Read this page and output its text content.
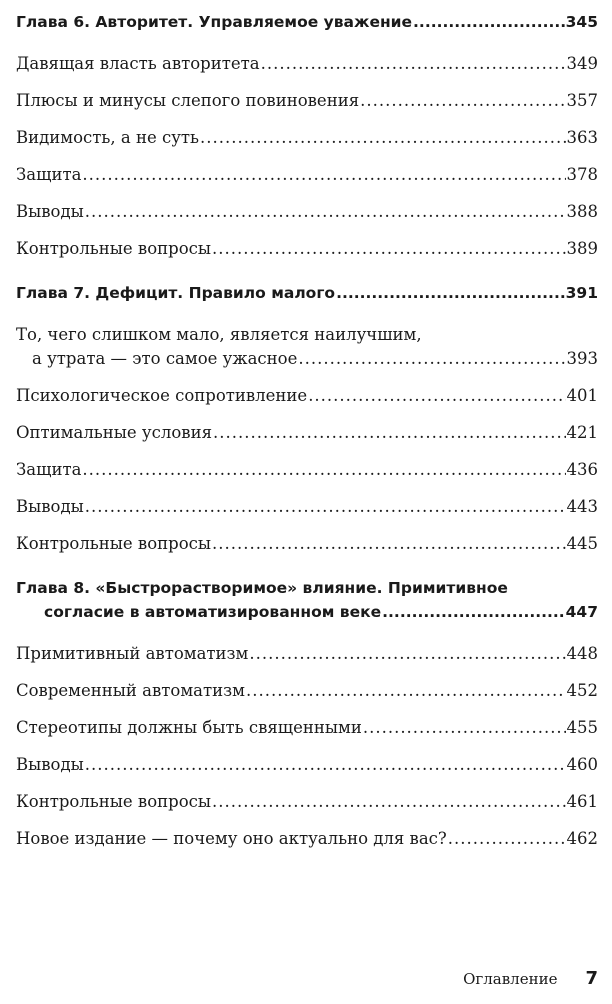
Глава 6. Авторитет. Управляемое уважение .....	345
Давящая власть авторитета .....	349
Плюсы и минусы слепого повиновения .....	357
Видимость, а не суть .....	363
Защита .....	378
Выводы .....	388
Контрольные вопросы .....	389
Глава 7. Дефицит. Правило малого .....	391
То, чего слишком мало, является наилучшим,
а утрата — это самое ужасное .....	393
Психологическое сопротивление .....	401
Оптимальные условия .....	421
Защита .....	436
Выводы .....	443
Контрольные вопросы .....	445
Глава 8. «Быстрорастворимое» влияние. Примитивное
согласие в автоматизированном веке .....	447
Примитивный автоматизм .....	448
Современный автоматизм .....	452
Стереотипы должны быть священными .....	455
Выводы .....	460
Контрольные вопросы .....	461
Новое издание — почему оно актуально для вас? .....	462
Оглавление 7
